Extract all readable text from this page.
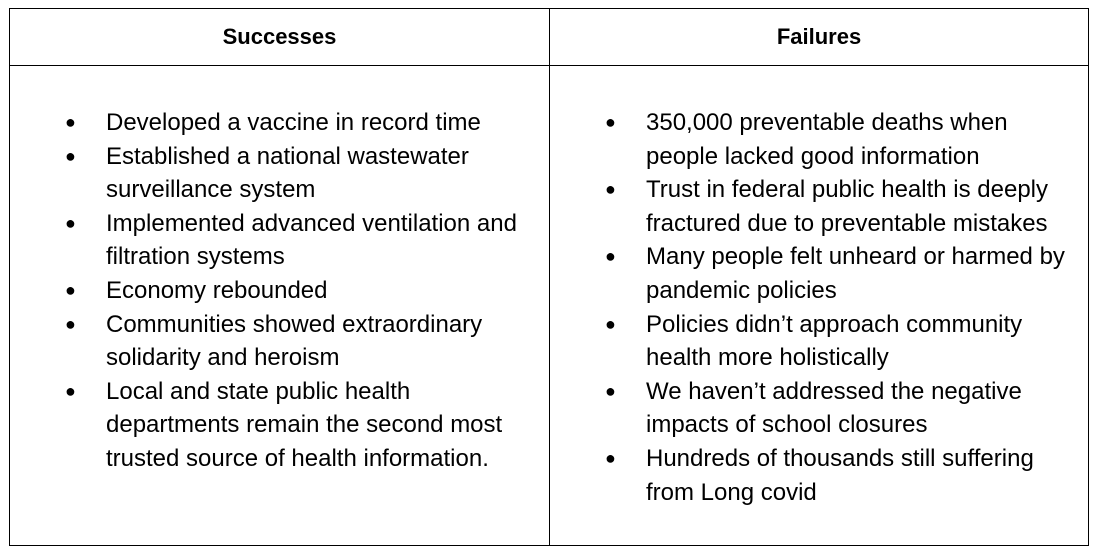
Successes	Failures
● Developed a vaccine in record time
● Established a national wastewater surveillance system
● Implemented advanced ventilation and filtration systems
● Economy rebounded
● Communities showed extraordinary solidarity and heroism
● Local and state public health departments remain the second most trusted source of health information.
● 350,000 preventable deaths when people lacked good information
● Trust in federal public health is deeply fractured due to preventable mistakes
● Many people felt unheard or harmed by pandemic policies
● Policies didn’t approach community health more holistically
● We haven’t addressed the negative impacts of school closures
● Hundreds of thousands still suffering from Long covid
